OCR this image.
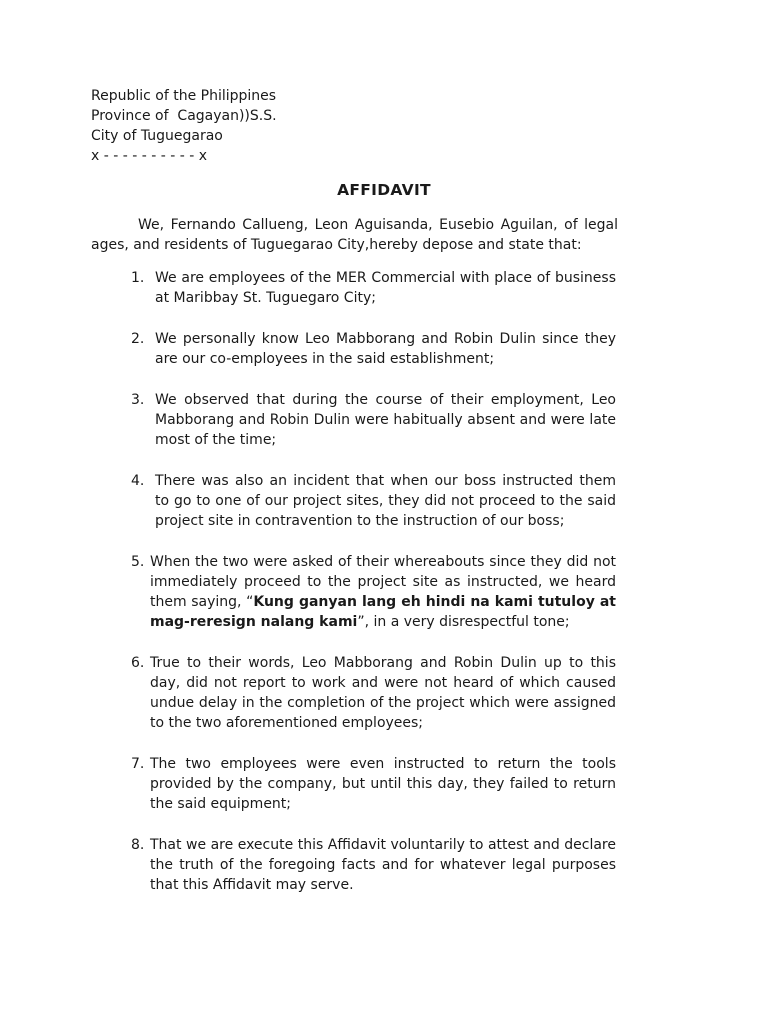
Republic of the Philippines
Province of  Cagayan))S.S.
City of Tuguegarao
x - - - - - - - - - - x
AFFIDAVIT
We, Fernando Callueng, Leon Aguisanda, Eusebio Aguilan, of legal ages, and residents of Tuguegarao City,hereby depose and state that:
1. We are employees of the MER Commercial with place of business at Maribbay St. Tuguegaro City;
2. We personally know Leo Mabborang and Robin Dulin since they are our co-employees in the said establishment;
3. We observed that during the course of their employment, Leo Mabborang and Robin Dulin were habitually absent and were late most of the time;
4. There was also an incident that when our boss instructed them to go to one of our project sites, they did not proceed to the said project site in contravention to the instruction of our boss;
5. When the two were asked of their whereabouts since they did not immediately proceed to the project site as instructed, we heard them saying, “Kung ganyan lang eh hindi na kami tutuloy at mag-reresign nalang kami”, in a very disrespectful tone;
6. True to their words, Leo Mabborang and Robin Dulin up to this day, did not report to work and were not heard of which caused undue delay in the completion of the project which were assigned to the two aforementioned employees;
7. The two employees were even instructed to return the tools provided by the company, but until this day, they failed to return the said equipment;
8. That we are execute this Affidavit voluntarily to attest and declare the truth of the foregoing facts and for whatever legal purposes that this Affidavit may serve.
